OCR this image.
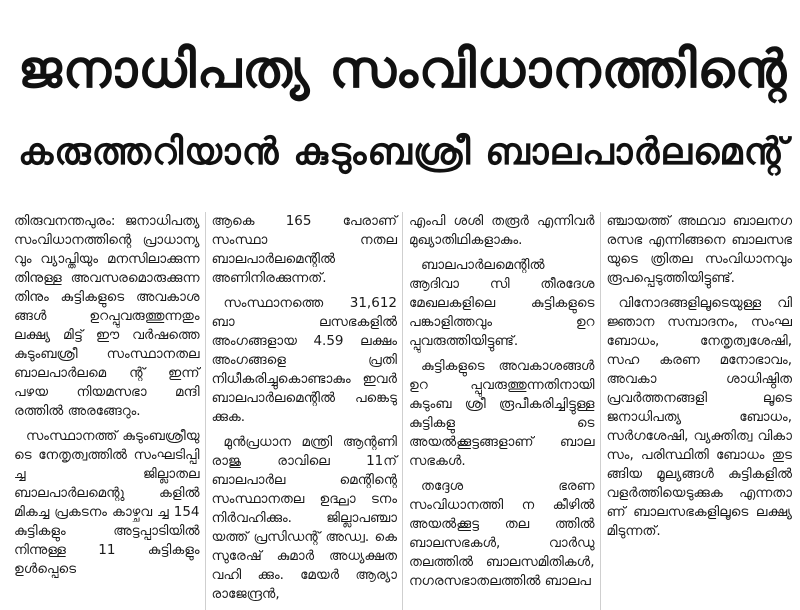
ജനാധിപത്യ സംവിധാനത്തിന്റെ
കരുത്തറിയാൻ കുടുംബശ്രീ ബാലപാർലമെന്റ്

തിരുവനന്തപുരം: ജനാധിപത്യ സംവിധാനത്തിന്റെ പ്രാധാന്യ വും വ്യാപ്തിയും മനസിലാക്കുന്ന തിനുള്ള അവസരമൊരുക്കുന്ന തിനും കുട്ടികളുടെ അവകാശ ങ്ങൾ ഉറപ്പുവരുത്തുന്നതും ലക്ഷ്യ മിട്ട് ഈ വർഷത്തെ കുടുംബശ്രീ സംസ്ഥാനതല ബാലപാർലമെ ന്റ് ഇന്ന് പഴയ നിയമസഭാ മന്ദി രത്തിൽ അരങ്ങേറും.

സംസ്ഥാനത്ത് കുടുംബശ്രീയു ടെ നേതൃത്വത്തിൽ സംഘടിപ്പി ച്ച ജില്ലാതല ബാലപാർലമെന്റു കളിൽ മികച്ച പ്രകടനം കാഴ്ചവ ച്ച 154 കുട്ടികളും അട്ടപ്പാടിയിൽ നിന്നുള്ള 11 കുട്ടികളും ഉൾപ്പെടെ

ആകെ 165 പേരാണ് സംസ്ഥാ നതല ബാലപാർലമെന്റിൽ അണിനിരക്കുന്നത്.

സംസ്ഥാനത്തെ 31,612 ബാ ലസഭകളിൽ അംഗങ്ങളായ 4.59 ലക്ഷം അംഗങ്ങളെ പ്രതി നിധീകരിച്ചുകൊണ്ടാകും ഇവർ ബാലപാർലമെന്റിൽ പങ്കെടു ക്കുക.

മുൻ‌പ്രധാന മന്ത്രി ആന്റണി രാജു രാവിലെ 11ന് ബാലപാർല മെന്റിന്റെ സംസ്ഥാനതല ഉദ്ഘാ ടനം നിർവഹിക്കും. ജില്ലാപഞ്ചാ യത്ത് പ്രസിഡന്റ് അഡ്വ. കെ സുരേഷ് കുമാർ അധ്യക്ഷത വഹി ക്കും. മേയർ ആര്യാ രാജേന്ദ്രൻ,

എംപി ശശി തരൂർ എന്നിവർ മുഖ്യാതിഥികളാകും.

ബാലപാർലമെന്റിൽ ആദിവാ സി തീരദേശ മേഖലകളിലെ കുട്ടികളുടെ പങ്കാളിത്തവും ഉറ പ്പുവരുത്തിയിട്ടുണ്ട്.

കുട്ടികളുടെ അവകാശങ്ങൾ ഉറ പ്പുവരുത്തുന്നതിനായി കുടുംബ ശ്രീ രൂപീകരിച്ചിട്ടുള്ള കുട്ടികളു ടെ അയൽക്കൂട്ടങ്ങളാണ് ബാല സഭകൾ.

തദ്ദേശ ഭരണ സംവിധാനത്തി ന കീഴിൽ അയൽക്കൂട്ട തല ത്തിൽ ബാലസഭകൾ, വാർഡു തലത്തിൽ ബാലസമിതികൾ, നഗരസഭാതലത്തിൽ ബാലപ

ഞ്ചായത്ത് അഥവാ ബാലനഗ രസഭ എന്നിങ്ങനെ ബാലസഭ യുടെ ത്രിതല സംവിധാനവും രൂപപ്പെടുത്തിയിട്ടുണ്ട്.

വിനോദങ്ങളിലൂടെയുള്ള വി ജ്ഞാന സമ്പാദനം, സംഘ ബോധം, നേതൃത്വശേഷി, സഹ കരണ മനോഭാവം, അവകാ ശാധിഷ്ഠിത പ്രവർത്തനങ്ങളി ലൂടെ ജനാധിപത്യ ബോധം, സർഗശേഷി, വ്യക്തിത്വ വികാ സം, പരിസ്ഥിതി ബോധം തുട ങ്ങിയ മൂല്യങ്ങൾ കുട്ടികളിൽ വളർത്തിയെടുക്കുക എന്നതാ ണ് ബാലസഭകളിലൂടെ ലക്ഷ്യ മിടുന്നത്.
